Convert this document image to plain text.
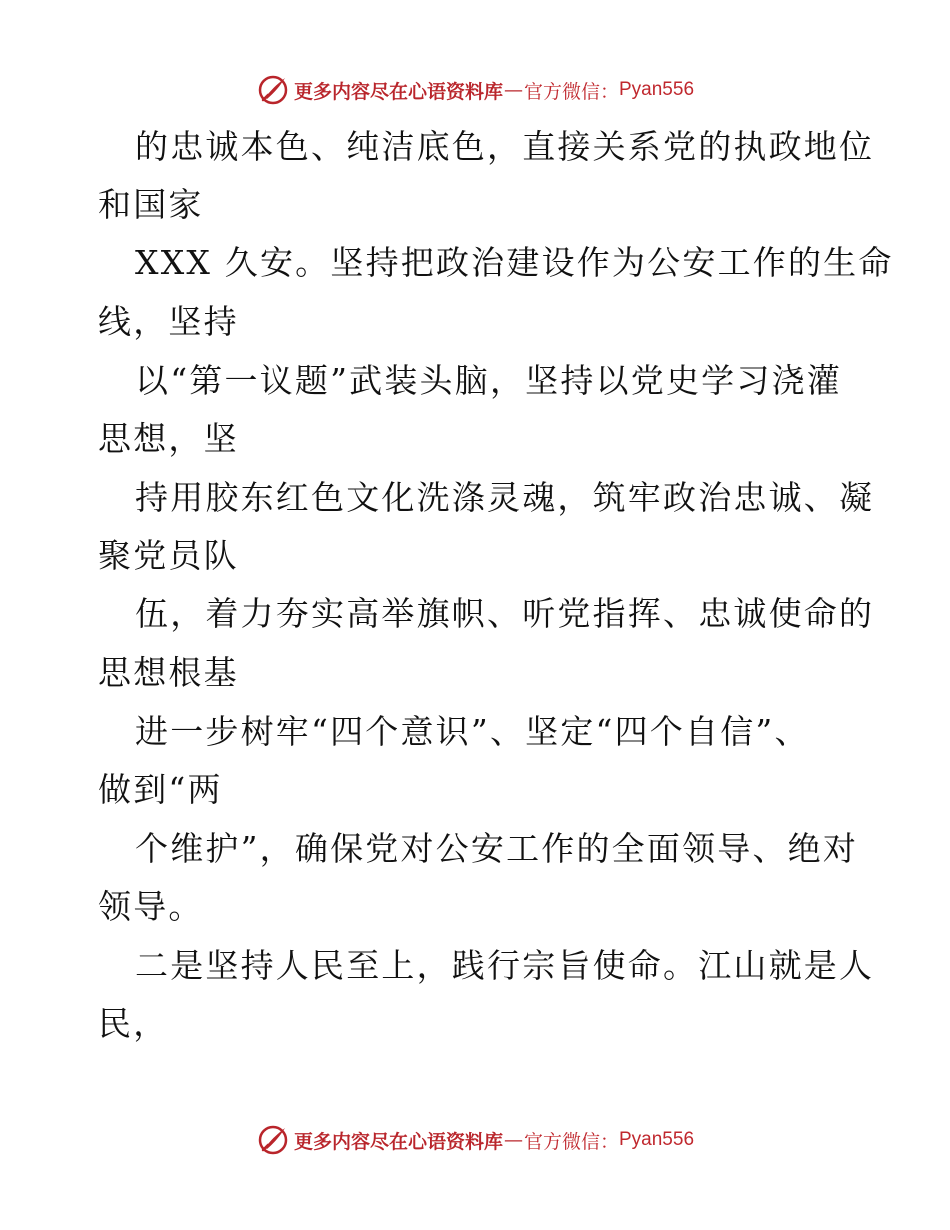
更多内容尽在心语资料库 — 官方微信： Pyan556
的忠诚本色、纯洁底色，直接关系党的执政地位
和国家
XXX 久安。坚持把政治建设作为公安工作的生命
线，坚持
以“第一议题”武装头脑，坚持以党史学习浇灌
思想，坚
持用胶东红色文化洗涤灵魂，筑牢政治忠诚、凝
聚党员队
伍，着力夯实高举旗帜、听党指挥、忠诚使命的
思想根基
进一步树牢“四个意识”、坚定“四个自信”、
做到“两
个维护”，确保党对公安工作的全面领导、绝对
领导。
二是坚持人民至上，践行宗旨使命。江山就是人
民，
更多内容尽在心语资料库 — 官方微信： Pyan556
